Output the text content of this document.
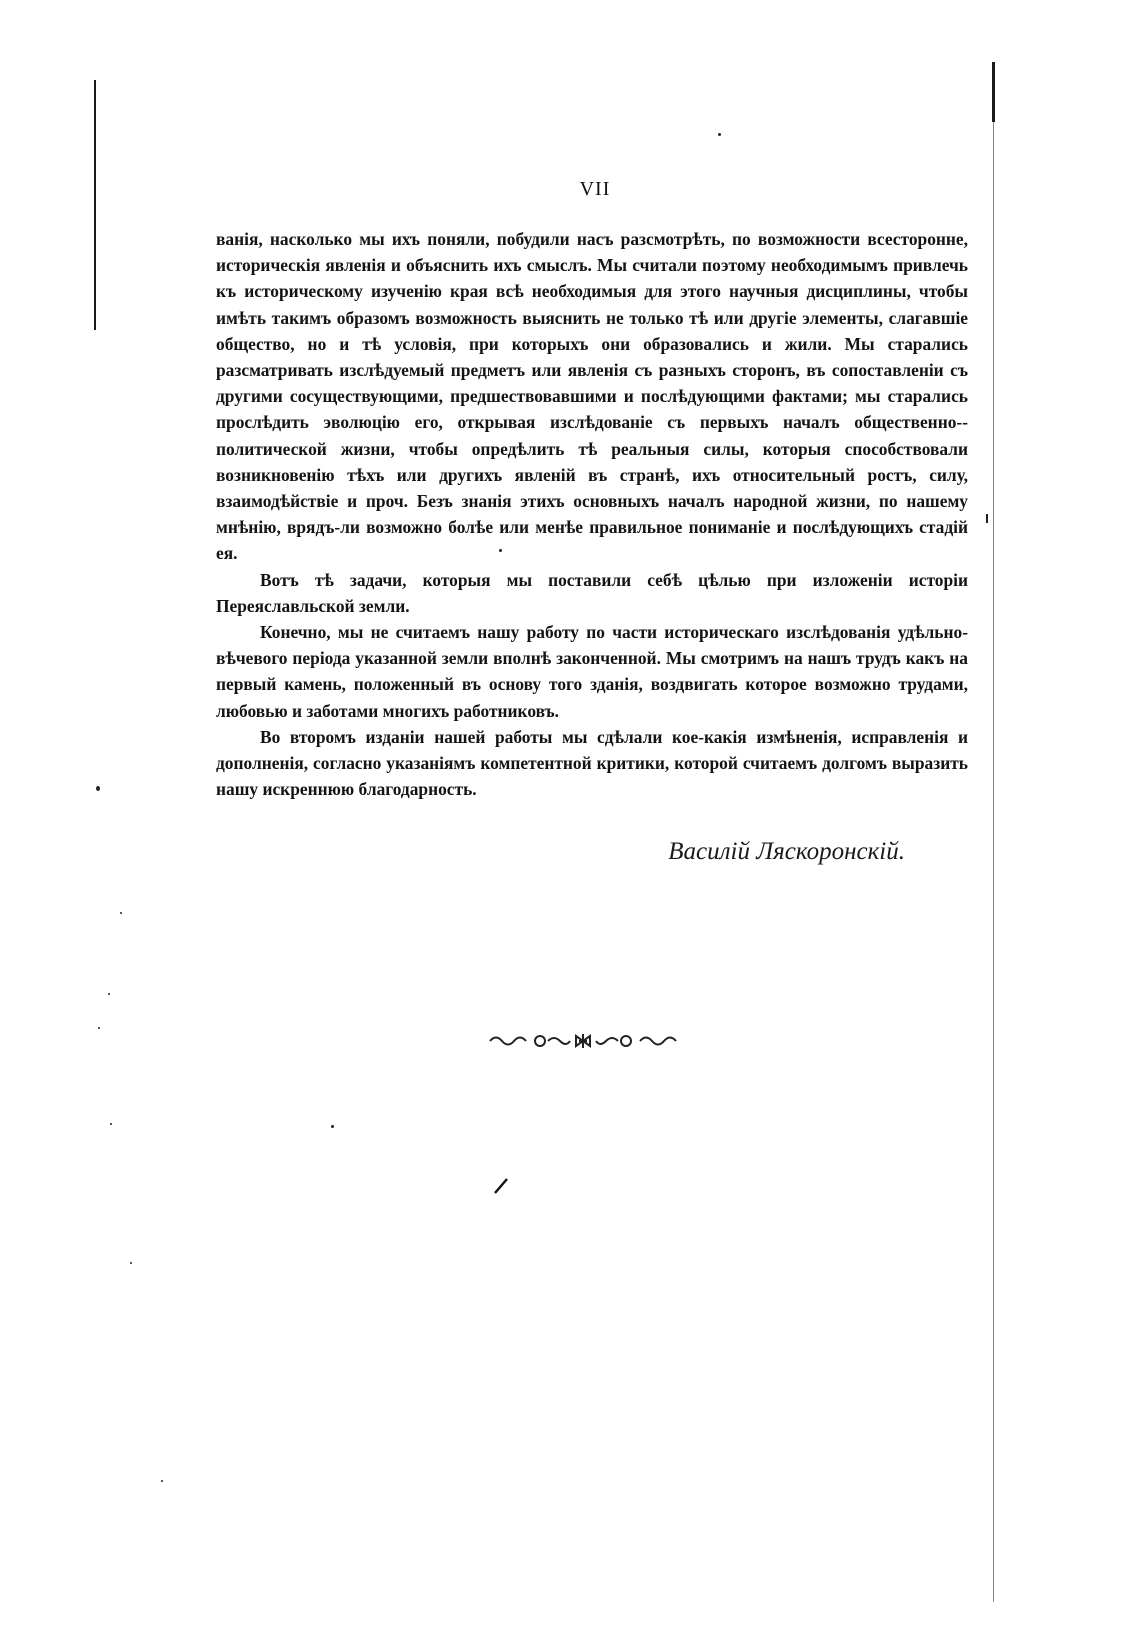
VII

ванія, насколько мы ихъ поняли, побудили насъ разсмотрѣть, по возможности всесторонне, историческія явленія и объяснить ихъ смыслъ. Мы считали поэтому необходимымъ привлечь къ историческому изученію края всѣ необходимыя для этого научныя дисциплины, чтобы имѣть такимъ образомъ возможность выяснить не только тѣ или другіе элементы, слагавшіе общество, но и тѣ условія, при которыхъ они образовались и жили. Мы старались разсматривать изслѣдуемый предметъ или явленія съ разныхъ сторонъ, въ сопоставленіи съ другими сосуществующими, предшествовавшими и послѣдующими фактами; мы старались прослѣдить эволюцію его, открывая изслѣдованіе съ первыхъ началъ общественно--политической жизни, чтобы опредѣлить тѣ реальныя силы, которыя способствовали возникновенію тѣхъ или другихъ явленій въ странѣ, ихъ относительный ростъ, силу, взаимодѣйствіе и проч. Безъ знанія этихъ основныхъ началъ народной жизни, по нашему мнѣнію, врядъ-ли возможно болѣе или менѣе правильное пониманіе и послѣдующихъ стадій ея.

Вотъ тѣ задачи, которыя мы поставили себѣ цѣлью при изложеніи исторіи Переяславльской земли.

Конечно, мы не считаемъ нашу работу по части историческаго изслѣдованія удѣльно-вѣчевого періода указанной земли вполнѣ законченной. Мы смотримъ на нашъ трудъ какъ на первый камень, положенный въ основу того зданія, воздвигать которое возможно трудами, любовью и заботами многихъ работниковъ.

Во второмъ изданіи нашей работы мы сдѣлали кое-какія измѣненія, исправленія и дополненія, согласно указаніямъ компетентной критики, которой считаемъ долгомъ выразить нашу искреннюю благодарность.

Василій Ляскоронскій.
